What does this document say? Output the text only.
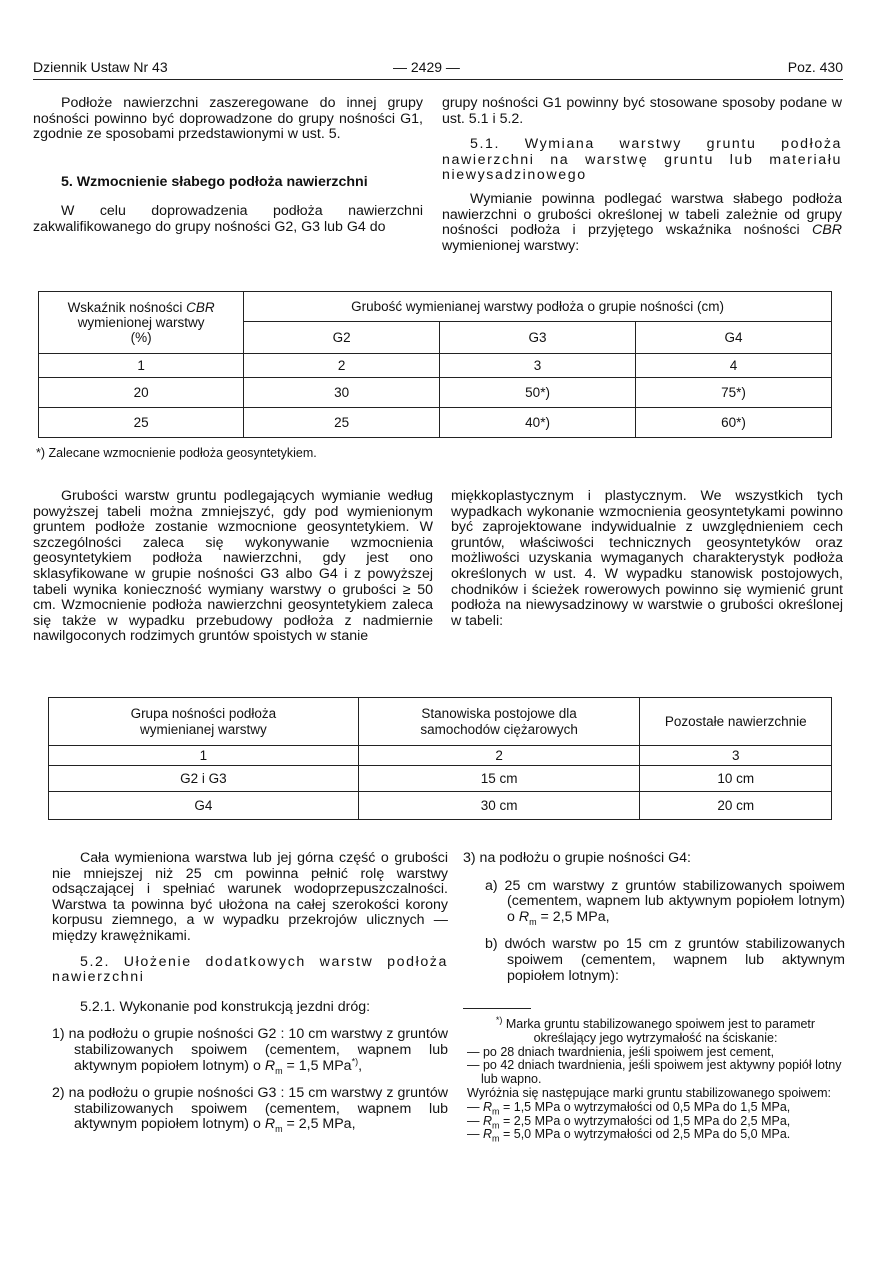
Dziennik Ustaw Nr 43	— 2429 —	Poz. 430

Podłoże nawierzchni zaszeregowane do innej grupy nośności powinno być doprowadzone do grupy nośności G1, zgodnie ze sposobami przedstawionymi w ust. 5.

5. Wzmocnienie słabego podłoża nawierzchni

W celu doprowadzenia podłoża nawierzchni zakwalifikowanego do grupy nośności G2, G3 lub G4 do

grupy nośności G1 powinny być stosowane sposoby podane w ust. 5.1 i 5.2.

5.1. Wymiana warstwy gruntu podłoża nawierzchni na warstwę gruntu lub materiału niewysadzinowego

Wymianie powinna podlegać warstwa słabego podłoża nawierzchni o grubości określonej w tabeli zależnie od grupy nośności podłoża i przyjętego wskaźnika nośności CBR wymienionej warstwy:

Wskaźnik nośności CBR
wymienionej warstwy
(%)	Grubość wymienianej warstwy podłoża o grupie nośności (cm)		
	G2	G3	G4
1	2	3	4
20	30	50*)	75*)
25	25	40*)	60*)
*) Zalecane wzmocnienie podłoża geosyntetykiem.

Grubości warstw gruntu podlegających wymianie według powyższej tabeli można zmniejszyć, gdy pod wymienionym gruntem podłoże zostanie wzmocnione geosyntetykiem. W szczególności zaleca się wykonywanie wzmocnienia geosyntetykiem podłoża nawierzchni, gdy jest ono sklasyfikowane w grupie nośności G3 albo G4 i z powyższej tabeli wynika konieczność wymiany warstwy o grubości ≥ 50 cm. Wzmocnienie podłoża nawierzchni geosyntetykiem zaleca się także w wypadku przebudowy podłoża z nadmiernie nawilgoconych rodzimych gruntów spoistych w stanie

miękkoplastycznym i plastycznym. We wszystkich tych wypadkach wykonanie wzmocnienia geosyntetykami powinno być zaprojektowane indywidualnie z uwzględnieniem cech gruntów, właściwości technicznych geosyntetyków oraz możliwości uzyskania wymaganych charakterystyk podłoża określonych w ust. 4. W wypadku stanowisk postojowych, chodników i ścieżek rowerowych powinno się wymienić grunt podłoża na niewysadzinowy w warstwie o grubości określonej w tabeli:

Grupa nośności podłoża wymienianej warstwy	Stanowiska postojowe dla samochodów ciężarowych	Pozostałe nawierzchnie
1	2	3
G2 i G3	15 cm	10 cm
G4	30 cm	20 cm

Cała wymieniona warstwa lub jej górna część o grubości nie mniejszej niż 25 cm powinna pełnić rolę warstwy odsączającej i spełniać warunek wodoprzepuszczalności. Warstwa ta powinna być ułożona na całej szerokości korony korpusu ziemnego, a w wypadku przekrojów ulicznych — między krawężnikami.

5.2. Ułożenie dodatkowych warstw podłoża nawierzchni

5.2.1. Wykonanie pod konstrukcją jezdni dróg:

1) na podłożu o grupie nośności G2 : 10 cm warstwy z gruntów stabilizowanych spoiwem (cementem, wapnem lub aktywnym popiołem lotnym) o $R_m = 1,5$ MPa*),

2) na podłożu o grupie nośności G3 : 15 cm warstwy z gruntów stabilizowanych spoiwem (cementem, wapnem lub aktywnym popiołem lotnym) o $R_m = 2,5$ MPa,

3) na podłożu o grupie nośności G4:

a) 25 cm warstwy z gruntów stabilizowanych spoiwem (cementem, wapnem lub aktywnym popiołem lotnym) o $R_m = 2,5$ MPa,

b) dwóch warstw po 15 cm z gruntów stabilizowanych spoiwem (cementem, wapnem lub aktywnym popiołem lotnym):

*) Marka gruntu stabilizowanego spoiwem jest to parametr określający jego wytrzymałość na ściskanie:
— po 28 dniach twardnienia, jeśli spoiwem jest cement,
— po 42 dniach twardnienia, jeśli spoiwem jest aktywny popiół lotny lub wapno.
Wyróżnia się następujące marki gruntu stabilizowanego spoiwem:
— $R_m = 1,5$ MPa o wytrzymałości od 0,5 MPa do 1,5 MPa,
— $R_m = 2,5$ MPa o wytrzymałości od 1,5 MPa do 2,5 MPa,
— $R_m = 5,0$ MPa o wytrzymałości od 2,5 MPa do 5,0 MPa.
